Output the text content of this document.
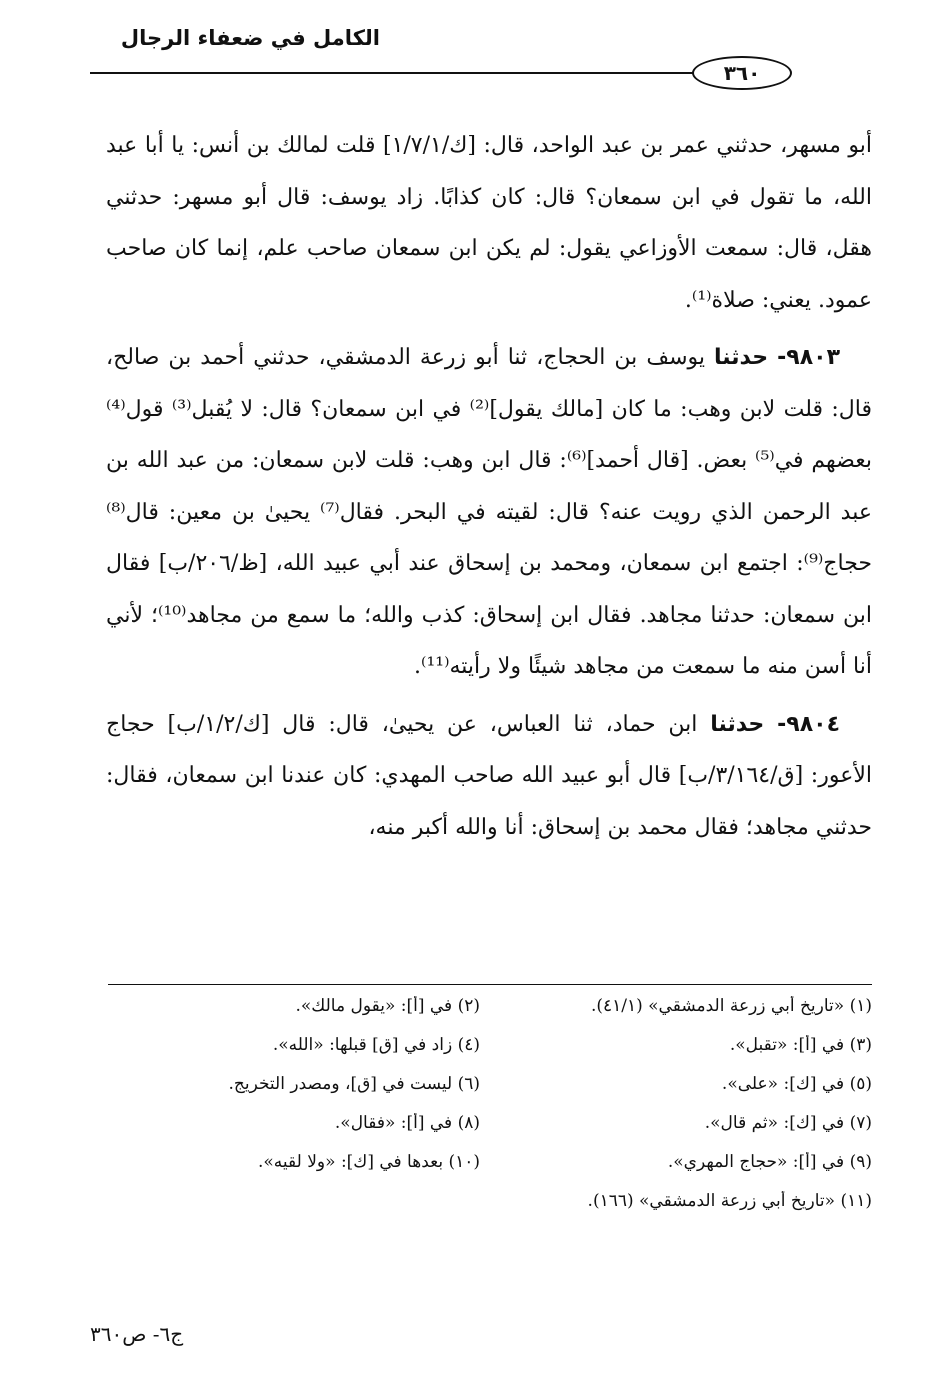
الكامل في ضعفاء الرجال
٣٦٠

أبو مسهر، حدثني عمر بن عبد الواحد، قال: [ك/١/٧/١] قلت لمالك بن أنس: يا أبا عبد الله، ما تقول في ابن سمعان؟ قال: كان كذابًا. زاد يوسف: قال أبو مسهر: حدثني هقل، قال: سمعت الأوزاعي يقول: لم يكن ابن سمعان صاحب علم، إنما كان صاحب عمود. يعني: صلاة⁽¹⁾.

٩٨٠٣- حدثنا يوسف بن الحجاج، ثنا أبو زرعة الدمشقي، حدثني أحمد بن صالح، قال: قلت لابن وهب: ما كان [مالك يقول]⁽²⁾ في ابن سمعان؟ قال: لا يُقبل⁽³⁾ قول⁽⁴⁾ بعضهم في⁽⁵⁾ بعض. [قال أحمد]⁽⁶⁾: قال ابن وهب: قلت لابن سمعان: من عبد الله بن عبد الرحمن الذي رويت عنه؟ قال: لقيته في البحر. فقال⁽⁷⁾ يحيىٰ بن معين: قال⁽⁸⁾ حجاج⁽⁹⁾: اجتمع ابن سمعان، ومحمد بن إسحاق عند أبي عبيد الله، [ظ/٢٠٦/ب] فقال ابن سمعان: حدثنا مجاهد. فقال ابن إسحاق: كذب والله؛ ما سمع من مجاهد⁽¹⁰⁾؛ لأني أنا أسن منه ما سمعت من مجاهد شيئًا ولا رأيته⁽¹¹⁾.

٩٨٠٤- حدثنا ابن حماد، ثنا العباس، عن يحيىٰ، قال: قال [ك/١/٢/ب] حجاج الأعور: [ق/٣/١٦٤/ب] قال أبو عبيد الله صاحب المهدي: كان عندنا ابن سمعان، فقال: حدثني مجاهد؛ فقال محمد بن إسحاق: أنا والله أكبر منه،

(١) «تاريخ أبي زرعة الدمشقي» (٤١/١).
(٢) في [أ]: «يقول مالك».
(٣) في [أ]: «تقبل».
(٤) زاد في [ق] قبلها: «الله».
(٥) في [ك]: «على».
(٦) ليست في [ق]، ومصدر التخريج.
(٧) في [ك]: «ثم قال».
(٨) في [أ]: «فقال».
(٩) في [أ]: «حجاج المهري».
(١٠) بعدها في [ك]: «ولا لقيه».
(١١) «تاريخ أبي زرعة الدمشقي» (١٦٦).
ج٦- ص٣٦٠
